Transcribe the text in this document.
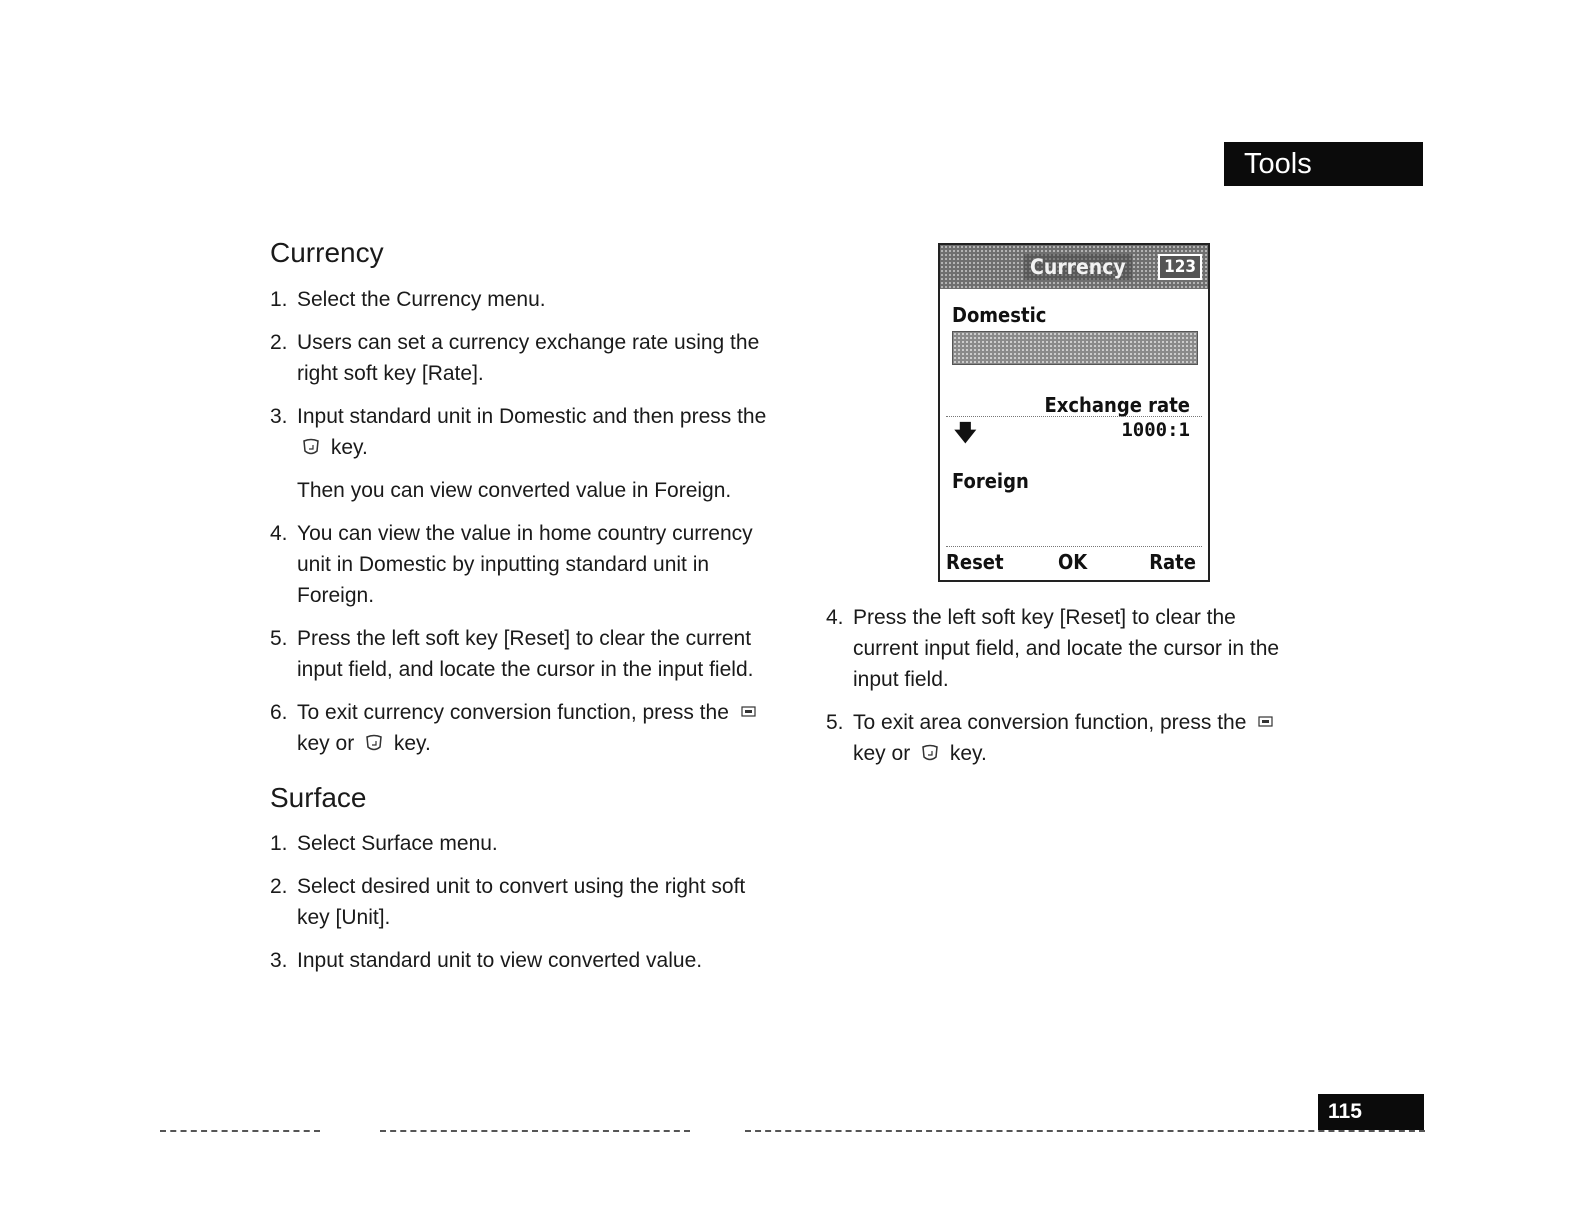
Tools
Currency
1. Select the Currency menu.

2. Users can set a currency exchange rate using the right soft key [Rate].

3. Input standard unit in Domestic and then press the
key.

Then you can view converted value in Foreign.

4. You can view the value in home country currency unit in Domestic by inputting standard unit in Foreign.

5. Press the left soft key [Reset] to clear the current input field, and locate the cursor in the input field.

6. To exit currency conversion function, press the
key or key.

Surface
1. Select Surface menu.

2. Select desired unit to convert using the right soft key [Unit].

3. Input standard unit to view converted value.

Currency	123
Domestic
Exchange rate
🡇	1000:1
Foreign
Reset	OK	Rate
4. Press the left soft key [Reset] to clear the current input field, and locate the cursor in the input field.

5. To exit area conversion function, press the
key or key.

115
